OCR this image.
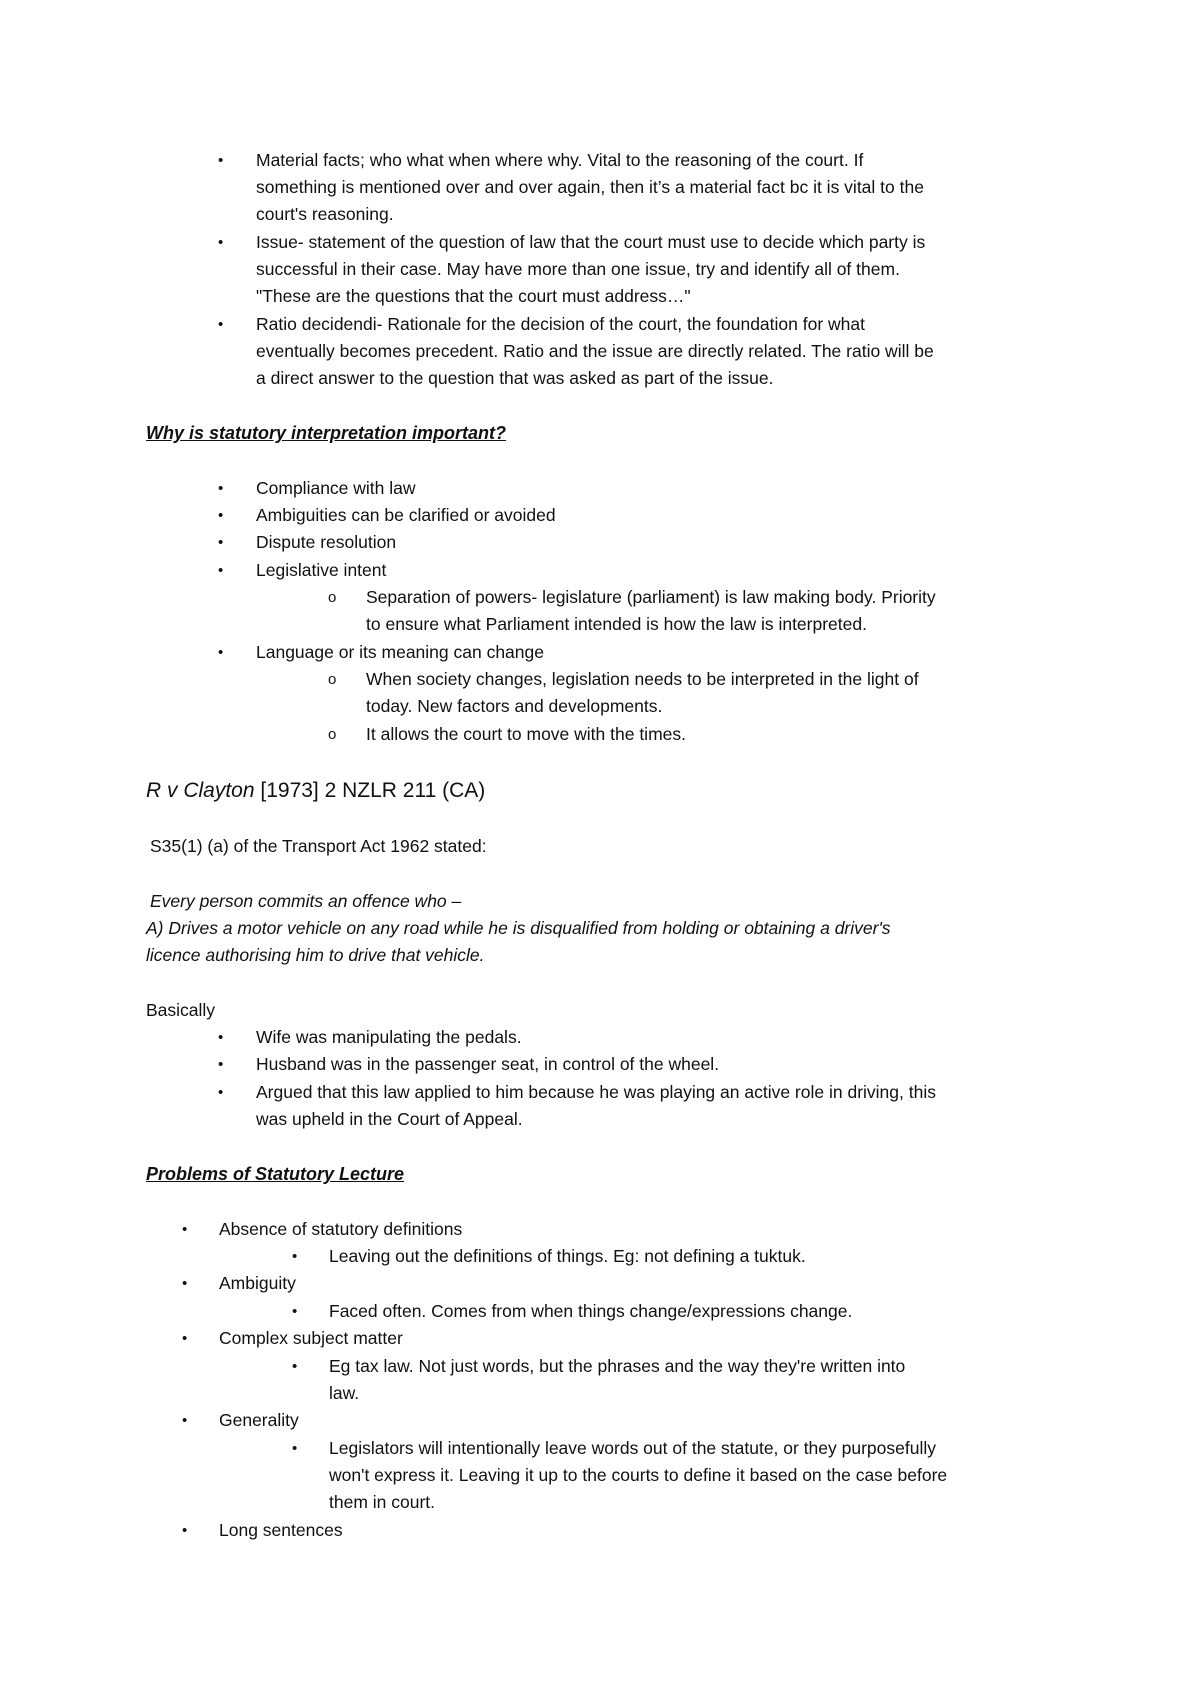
• Material facts; who what when where why. Vital to the reasoning of the court. If
something is mentioned over and over again, then it’s a material fact bc it is vital to the
court's reasoning.
• Issue- statement of the question of law that the court must use to decide which party is
successful in their case. May have more than one issue, try and identify all of them.
"These are the questions that the court must address…"
• Ratio decidendi- Rationale for the decision of the court, the foundation for what
eventually becomes precedent. Ratio and the issue are directly related. The ratio will be
a direct answer to the question that was asked as part of the issue.
Why is statutory interpretation important?
• Compliance with law
• Ambiguities can be clarified or avoided
• Dispute resolution
• Legislative intent
o Separation of powers- legislature (parliament) is law making body. Priority
to ensure what Parliament intended is how the law is interpreted.
• Language or its meaning can change
o When society changes, legislation needs to be interpreted in the light of
today. New factors and developments.
o It allows the court to move with the times.
R v Clayton [1973] 2 NZLR 211 (CA)
S35(1) (a) of the Transport Act 1962 stated:
Every person commits an offence who –
A) Drives a motor vehicle on any road while he is disqualified from holding or obtaining a driver's
licence authorising him to drive that vehicle.
Basically
• Wife was manipulating the pedals.
• Husband was in the passenger seat, in control of the wheel.
• Argued that this law applied to him because he was playing an active role in driving, this
was upheld in the Court of Appeal.
Problems of Statutory Lecture
• Absence of statutory definitions
• Leaving out the definitions of things. Eg: not defining a tuktuk.
• Ambiguity
• Faced often. Comes from when things change/expressions change.
• Complex subject matter
• Eg tax law. Not just words, but the phrases and the way they're written into
law.
• Generality
• Legislators will intentionally leave words out of the statute, or they purposefully
won't express it. Leaving it up to the courts to define it based on the case before
them in court.
• Long sentences
